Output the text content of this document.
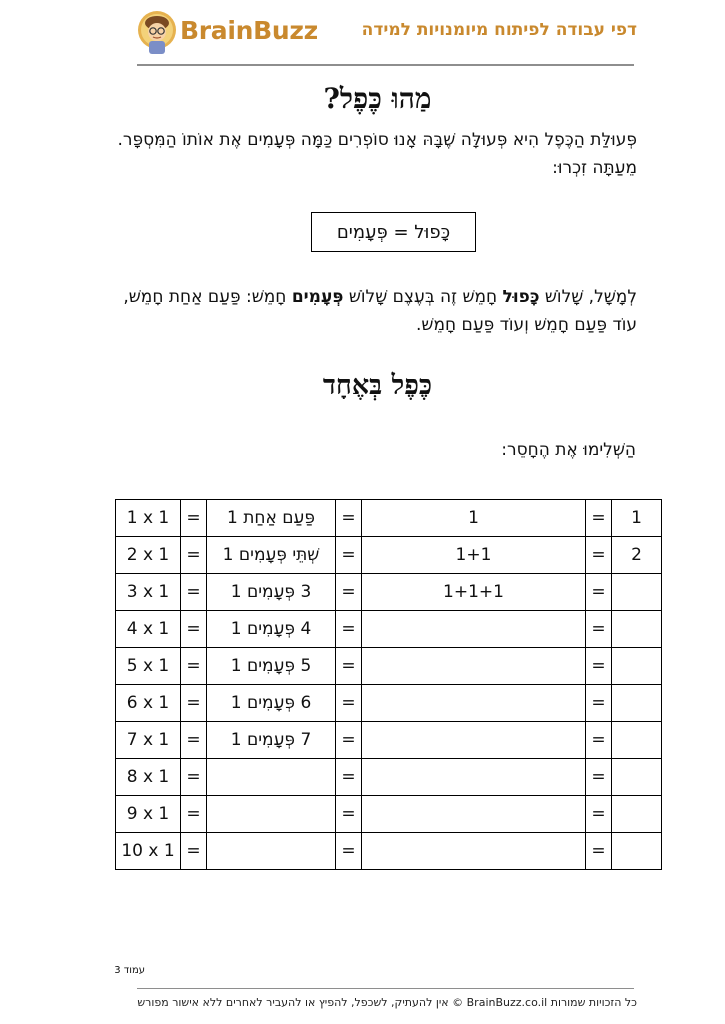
BrainBuzz	דפי עבודה לפיתוח מיומנויות למידה
מַהוּ כֶּפֶל?
פְּעוּלַּת הַכֶּפֶל הִיא פְּעוּלָּה שֶׁבָּהּ אָנוּ סוֹפְרִים כַּמָּה פְּעָמִים אֶת אוֹתוֹ הַמִּסְפָּר. מֵעַתָּה זִכְרוּ:
כָּפוּל = פְּעָמִים
לְמָשָׁל, שָׁלוֹשׁ כָּפוּל חָמֵשׁ זֶה בְּעֶצֶם שָׁלוֹשׁ פְּעָמִים חָמֵשׁ: פַּעַם אַחַת חָמֵשׁ, עוֹד פַּעַם חָמֵשׁ וְעוֹד פַּעַם חָמֵשׁ.
כֶּפֶל בְּאֶחָד
הַשְׁלִימוּ אֶת הֶחָסֵר:
1 x 1	=	פַּעַם אַחַת 1	=	1	=	1
2 x 1	=	שְׁתֵּי פְּעָמִים 1	=	1+1	=	2
3 x 1	=	3 פְּעָמִים 1	=	1+1+1	=	
4 x 1	=	4 פְּעָמִים 1	=		=	
5 x 1	=	5 פְּעָמִים 1	=		=	
6 x 1	=	6 פְּעָמִים 1	=		=	
7 x 1	=	7 פְּעָמִים 1	=		=	
8 x 1	=		=		=	
9 x 1	=		=		=	
10 x 1	=		=		=	
עמוד 3
כל הזכויות שמורות BrainBuzz.co.il © אין להעתיק, לשכפל, להפיץ או להעביר לאחרים ללא אישור מפורש
